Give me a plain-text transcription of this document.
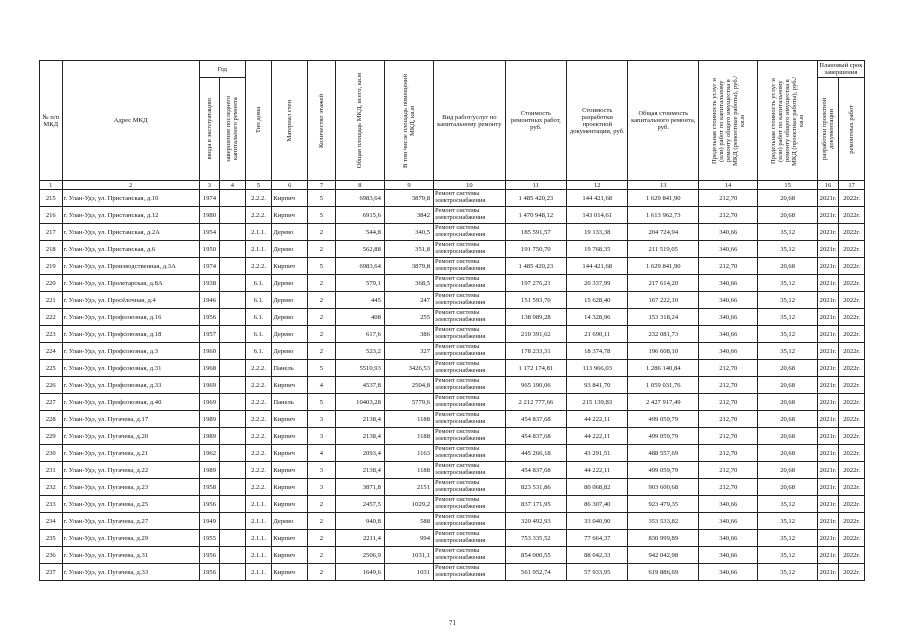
№ п/п МКД	Адрес МКД	Год		Тип дома	Материал стен	Количество этажей	Общая площадь МКД, всего, кв.м	В том числе площадь помещений МКД, кв.м	Вид работ/услуг по капитальному ремонту	Стоимость ремонтных работ, руб.	Стоимость разработки проектной документации, руб.	Общая стоимость капитального ремонта, руб.	Предельная стоимость услуг и (или) работ по капитальному ремонту общего имущества в МКД (ремонтные работы), руб./кв.м	Предельная стоимость услуг и (или) работ по капитальному ремонту общего имущества в МКД (проектные работы), руб./кв.м	Плановый срок завершения	

		ввода в эксплуатацию	завершения последнего капитального ремонта												разработки проектной документации	ремонтных работ

1	2	3	4	5	6	7	8	9	10	11	12	13	14	15	16	17
215	г. Улан-Удэ, ул. Пристанская, д.10	1974		2.2.2.	Кирпич	5	6983,64	3879,8	Ремонт системы электроснабжения	1 485 420,23	144 421,68	1 629 841,90	212,70	20,68	2021г.	2022г.
216	г. Улан-Удэ, ул. Пристанская, д.12	1980		2.2.2.	Кирпич	5	6915,6	3842	Ремонт системы электроснабжения	1 470 948,12	143 014,61	1 613 962,73	212,70	20,68	2021г.	2022г.
217	г. Улан-Удэ, ул. Пристанская, д.2А	1954		2.1.1.	Дерево	2	544,8	340,5	Ремонт системы электроснабжения	185 591,57	19 133,38	204 724,94	340,66	35,12	2021г.	2022г.
218	г. Улан-Удэ, ул. Пристанская, д.6	1950		2.1.1.	Дерево	2	562,88	351,8	Ремонт системы электроснабжения	191 750,70	19 768,35	211 519,05	340,66	35,12	2021г.	2022г.
219	г. Улан-Удэ, ул. Производственная, д.3А	1974		2.2.2.	Кирпич	5	6983,64	3879,8	Ремонт системы электроснабжения	1 485 420,23	144 421,68	1 629 841,90	212,70	20,68	2021г.	2022г.
220	г. Улан-Удэ, ул. Пролетарская, д.8А	1938		6.1.	Дерево	2	579,1	368,5	Ремонт системы электроснабжения	197 276,21	20 337,99	217 614,20	340,66	35,12	2021г.	2022г.
221	г. Улан-Удэ, ул. Просёлочная, д.4	1946		6.1.	Дерево	2	445	247	Ремонт системы электроснабжения	151 593,70	15 628,40	167 222,10	340,66	35,12	2021г.	2022г.
222	г. Улан-Удэ, ул. Профсоюзная, д.16	1956		6.1.	Дерево	2	408	255	Ремонт системы электроснабжения	138 989,28	14 328,96	153 318,24	340,66	35,12	2021г.	2022г.
223	г. Улан-Удэ, ул. Профсоюзная, д.18	1957		6.1.	Дерево	2	617,6	386	Ремонт системы электроснабжения	210 391,62	21 690,11	232 081,73	340,66	35,12	2021г.	2022г.
224	г. Улан-Удэ, ул. Профсоюзная, д.3	1960		6.1.	Дерево	2	523,2	327	Ремонт системы электроснабжения	178 233,31	18 374,78	196 608,10	340,66	35,12	2021г.	2022г.
225	г. Улан-Удэ, ул. Профсоюзная, д.31	1968		2.2.2.	Панель	5	5510,93	3426,53	Ремонт системы электроснабжения	1 172 174,81	113 966,03	1 286 140,84	212,70	20,68	2021г.	2022г.
226	г. Улан-Удэ, ул. Профсоюзная, д.33	1969		2.2.2.	Кирпич	4	4537,8	2504,8	Ремонт системы электроснабжения	965 190,06	93 841,70	1 059 031,76	212,70	20,68	2021г.	2022г.
227	г. Улан-Удэ, ул. Профсоюзная, д.40	1969		2.2.2.	Панель	5	10403,28	5779,6	Ремонт системы электроснабжения	2 212 777,66	215 139,83	2 427 917,49	212,70	20,68	2021г.	2022г.
228	г. Улан-Удэ, ул. Пугачева, д.17	1989		2.2.2.	Кирпич	3	2138,4	1188	Ремонт системы электроснабжения	454 837,68	44 222,11	499 059,79	212,70	20,68	2021г.	2022г.
229	г. Улан-Удэ, ул. Пугачева, д.20	1989		2.2.2.	Кирпич	3	2138,4	1188	Ремонт системы электроснабжения	454 837,68	44 222,11	499 059,79	212,70	20,68	2021г.	2022г.
230	г. Улан-Удэ, ул. Пугачева, д.21	1962		2.2.2.	Кирпич	4	2093,4	1163	Ремонт системы электроснабжения	445 266,18	43 291,51	488 557,69	212,70	20,68	2021г.	2022г.
231	г. Улан-Удэ, ул. Пугачева, д.22	1989		2.2.2.	Кирпич	3	2138,4	1188	Ремонт системы электроснабжения	454 837,68	44 222,11	499 059,79	212,70	20,68	2021г.	2022г.
232	г. Улан-Удэ, ул. Пугачева, д.23	1958		2.2.2.	Кирпич	3	3871,8	2151	Ремонт системы электроснабжения	823 531,86	80 068,82	903 600,68	212,70	20,68	2021г.	2022г.
233	г. Улан-Удэ, ул. Пугачева, д.25	1956		2.1.1.	Кирпич	2	2457,5	1029,2	Ремонт системы электроснабжения	837 171,95	86 307,40	923 479,35	340,66	35,12	2021г.	2022г.
234	г. Улан-Удэ, ул. Пугачева, д.27	1949		2.1.1.	Дерево	2	940,8	588	Ремонт системы электроснабжения	320 492,93	33 040,90	353 533,82	340,66	35,12	2021г.	2022г.
235	г. Улан-Удэ, ул. Пугачева, д.29	1955		2.1.1.	Кирпич	2	2211,4	994	Ремонт системы электроснабжения	753 335,52	77 664,37	830 999,89	340,66	35,12	2021г.	2022г.
236	г. Улан-Удэ, ул. Пугачева, д.31	1956		2.1.1.	Кирпич	2	2506,9	1031,1	Ремонт системы электроснабжения	854 000,55	88 042,33	942 042,98	340,66	35,12	2021г.	2022г.
237	г. Улан-Удэ, ул. Пугачева, д.33	1956		2.1.1.	Кирпич	2	1649,6	1031	Ремонт системы электроснабжения	561 952,74	57 933,95	619 886,69	340,66	35,12	2021г.	2022г.
71
